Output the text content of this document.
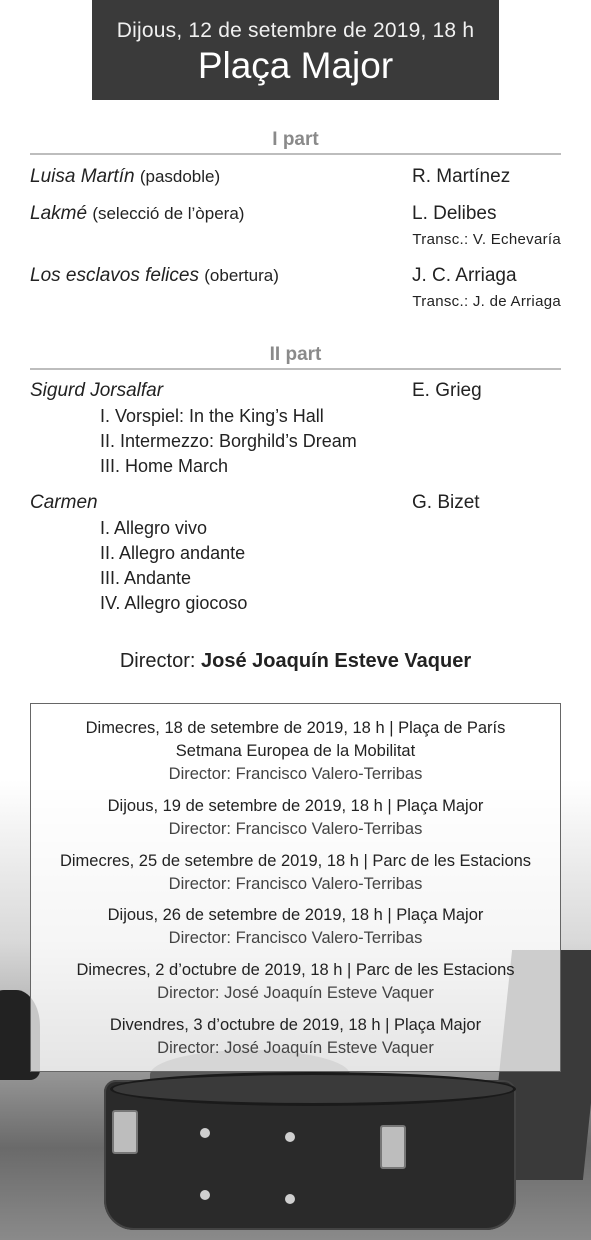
Dijous, 12 de setembre de 2019, 18 h
Plaça Major
I part
Luisa Martín (pasdoble)	R. Martínez
Lakmé (selecció de l’òpera)	L. Delibes
Transc.: V. Echevaría
Los esclavos felices (obertura)	J. C. Arriaga
Transc.: J. de Arriaga
II part
Sigurd Jorsalfar	E. Grieg
I. Vorspiel: In the King’s Hall
II. Intermezzo: Borghild’s Dream
III. Home March
Carmen	G. Bizet
I. Allegro vivo
II. Allegro andante
III. Andante
IV. Allegro giocoso
Director: José Joaquín Esteve Vaquer
Dimecres, 18 de setembre de 2019, 18 h | Plaça de París
Setmana Europea de la Mobilitat
Director: Francisco Valero-Terribas
Dijous, 19 de setembre de 2019, 18 h | Plaça Major
Director: Francisco Valero-Terribas
Dimecres, 25 de setembre de 2019, 18 h | Parc de les Estacions
Director: Francisco Valero-Terribas
Dijous, 26 de setembre de 2019, 18 h | Plaça Major
Director: Francisco Valero-Terribas
Dimecres, 2 d’octubre de 2019, 18 h | Parc de les Estacions
Director: José Joaquín Esteve Vaquer
Divendres, 3 d’octubre de 2019, 18 h | Plaça Major
Director: José Joaquín Esteve Vaquer
